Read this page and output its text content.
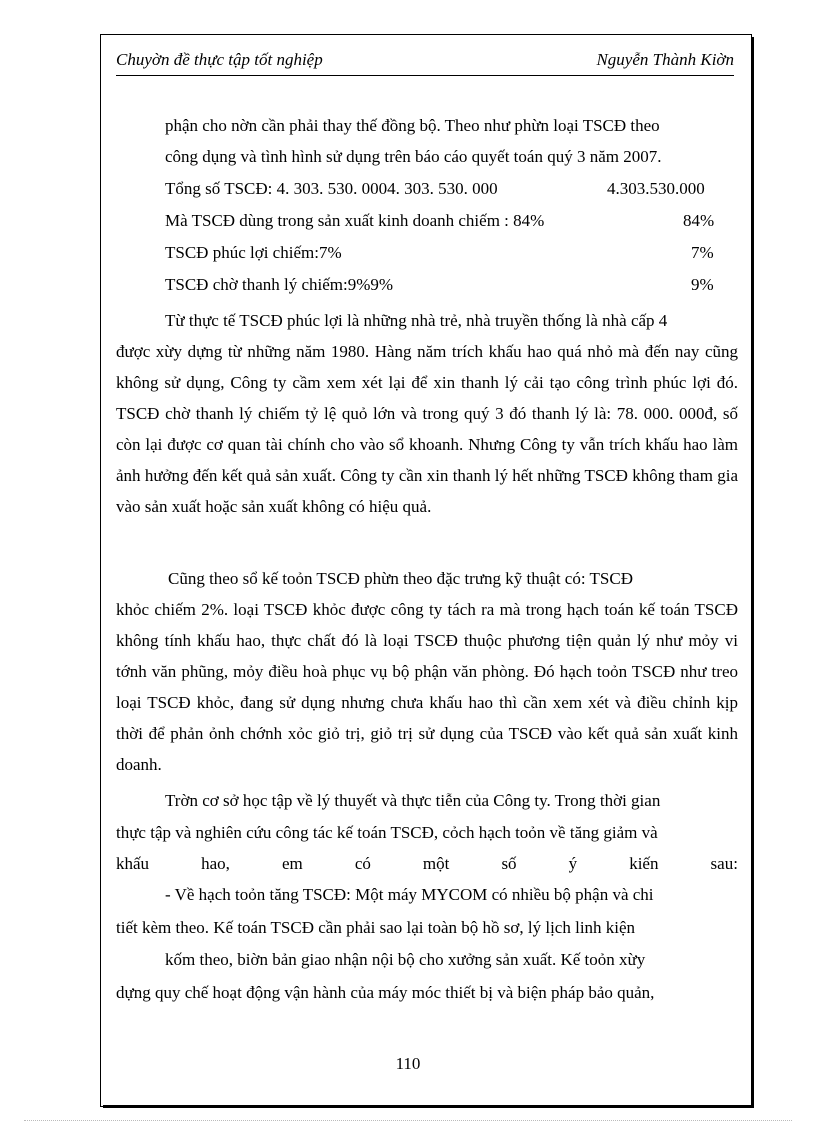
Chuyờn đề thực tập tốt nghiệp	Nguyễn Thành Kiờn
phận cho nờn cần phải thay thế đồng bộ. Theo như phừn loại TSCĐ theo
công dụng và tình hình sử dụng trên báo cáo quyết toán quý 3 năm 2007.
Tổng số TSCĐ: 4. 303. 530. 0004. 303. 530. 000	4.303.530.000
Mà TSCĐ dùng trong sản xuất kinh doanh chiếm : 84%	84%
TSCĐ phúc lợi chiếm:7%	7%
TSCĐ chờ thanh lý chiếm:9%9%	9%
Từ thực tế TSCĐ phúc lợi là những nhà trẻ, nhà truyền thống là nhà cấp 4
được xừy dựng từ những năm 1980. Hàng năm trích khấu hao quá nhỏ mà đến nay cũng không sử dụng, Công ty cầm xem xét lại để xin thanh lý cải tạo công trình phúc lợi đó. TSCĐ chờ thanh lý chiếm tỷ lệ quỏ lớn và trong quý 3 đó thanh lý là: 78. 000. 000đ, số còn lại được cơ quan tài chính cho vào sổ khoanh. Nhưng Công ty vẫn trích khấu hao làm ảnh hưởng đến kết quả sản xuất. Công ty cần xin thanh lý hết những TSCĐ không tham gia vào sản xuất hoặc sản xuất không có hiệu quả.
Cũng theo sổ kế toỏn TSCĐ phừn theo đặc trưng kỹ thuật có: TSCĐ
khỏc chiếm 2%. loại TSCĐ khỏc được công ty tách ra mà trong hạch toán kế toán TSCĐ không tính khấu hao, thực chất đó là loại TSCĐ thuộc phương tiện quản lý như mỏy vi tớnh văn phũng, mỏy điều hoà phục vụ bộ phận văn phòng. Đó hạch toỏn TSCĐ như treo loại TSCĐ khỏc, đang sử dụng nhưng chưa khấu hao thì cần xem xét và điều chỉnh kịp thời để phản ỏnh chớnh xỏc giỏ trị, giỏ trị sử dụng của TSCĐ vào kết quả sản xuất kinh doanh.
Trờn cơ sở học tập về lý thuyết và thực tiễn của Công ty. Trong thời gian
thực tập và nghiên cứu công tác kế toán TSCĐ, cỏch hạch toỏn về tăng giảm và
khấu	hao,	em	có	một	số	ý	kiến	sau:
- Về hạch toỏn tăng TSCĐ: Một máy MYCOM có nhiều bộ phận và chi
tiết kèm theo. Kế toán TSCĐ cần phải sao lại toàn bộ hồ sơ, lý lịch linh kiện
kốm theo, biờn bản giao nhận nội bộ cho xưởng sản xuất. Kế toỏn xừy
dựng quy chế hoạt động vận hành của máy móc thiết bị và biện pháp bảo quản,
110
